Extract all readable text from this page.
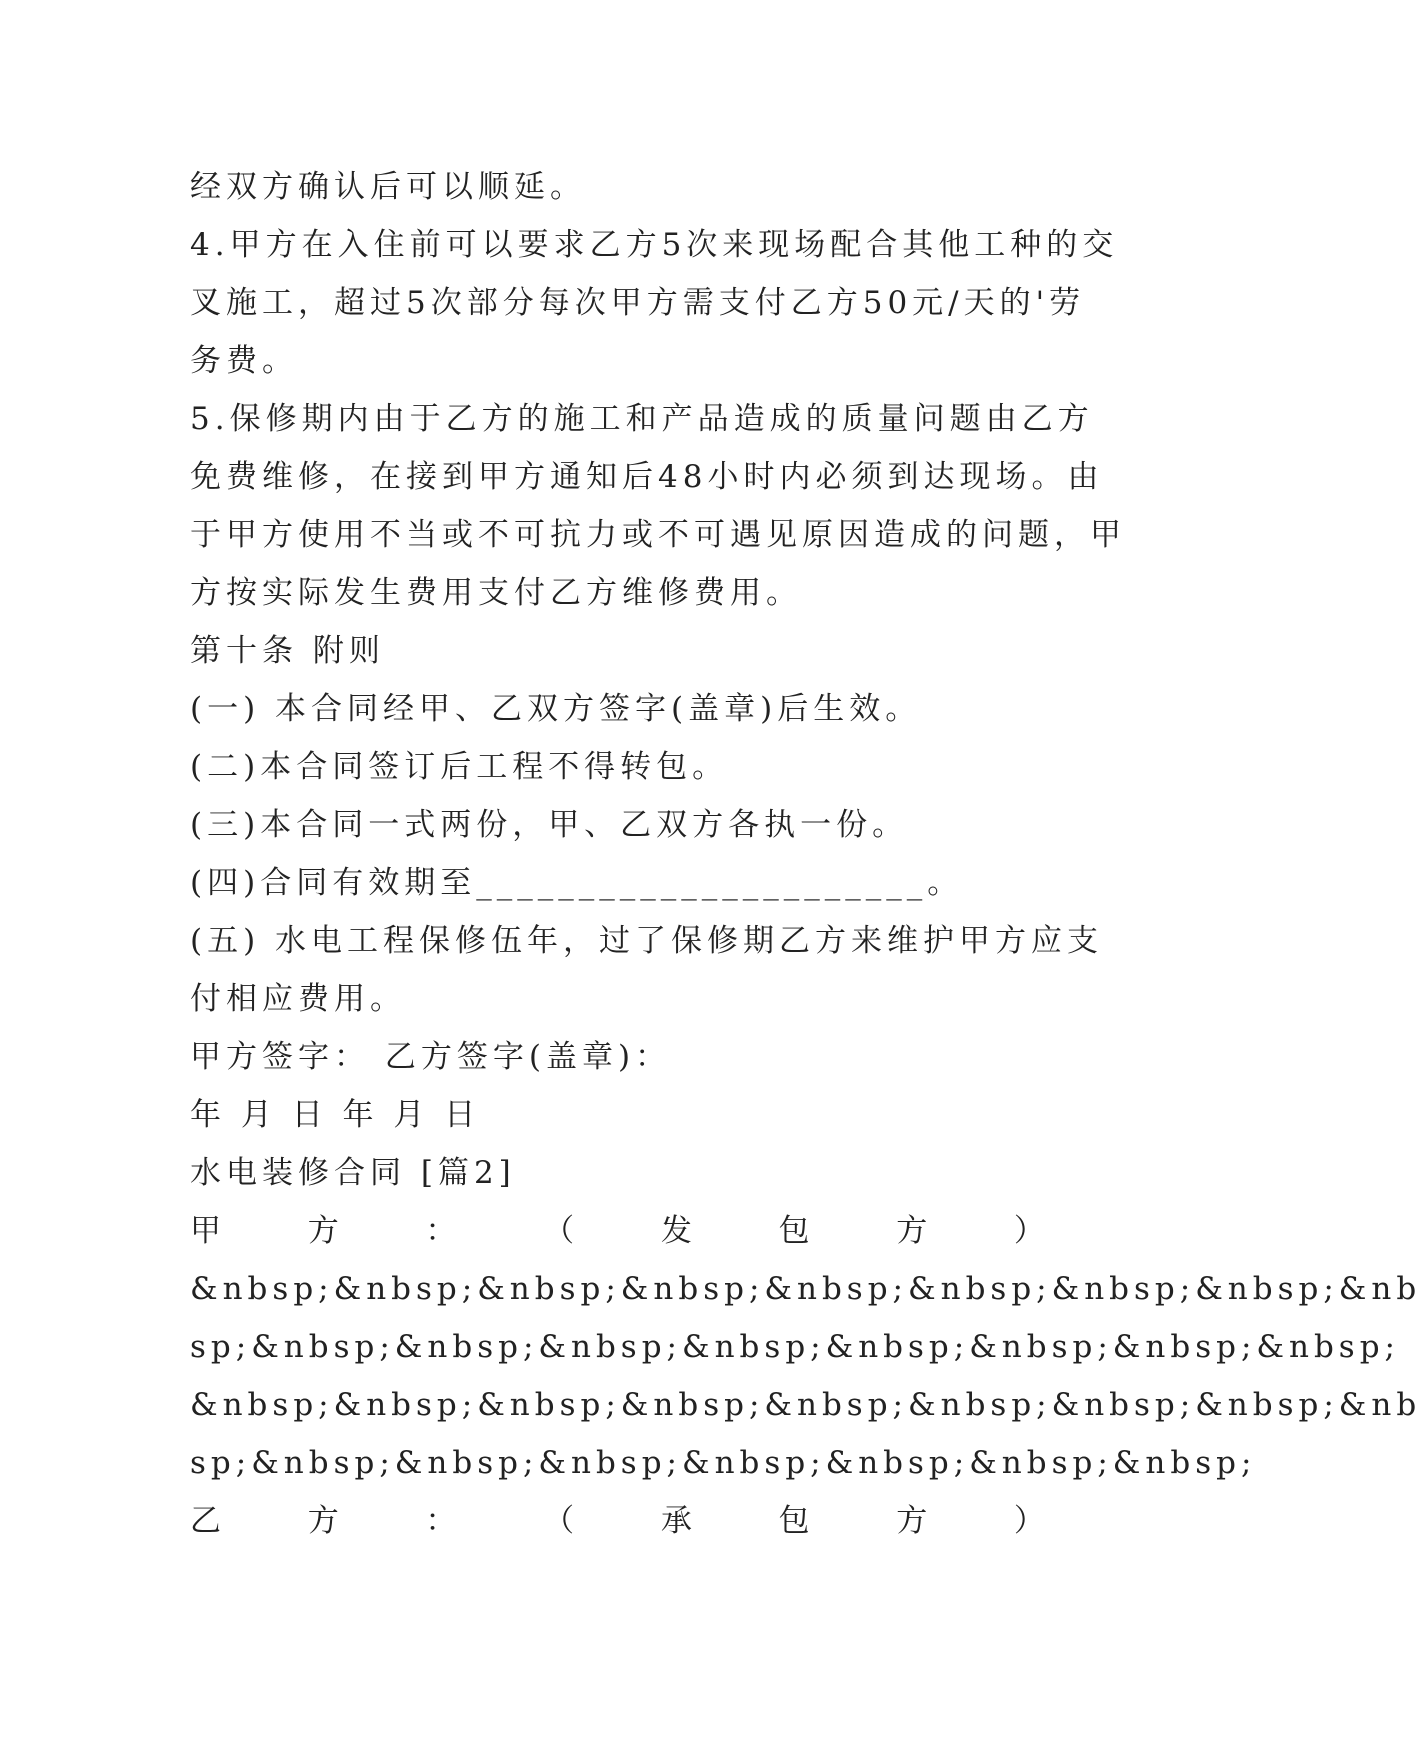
经双方确认后可以顺延。
4.甲方在入住前可以要求乙方5次来现场配合其他工种的交
叉施工，超过5次部分每次甲方需支付乙方50元/天的'劳
务费。
5.保修期内由于乙方的施工和产品造成的质量问题由乙方
免费维修，在接到甲方通知后48小时内必须到达现场。由
于甲方使用不当或不可抗力或不可遇见原因造成的问题，甲
方按实际发生费用支付乙方维修费用。
第十条 附则
(一) 本合同经甲、乙双方签字(盖章)后生效。
(二)本合同签订后工程不得转包。
(三)本合同一式两份，甲、乙双方各执一份。
(四)合同有效期至______________________。
(五) 水电工程保修伍年，过了保修期乙方来维护甲方应支
付相应费用。
甲方签字： 乙方签字(盖章)：
年 月 日 年 月 日
水电装修合同 [篇2]
甲	方	：	（	发	包	方	）
&nbsp;&nbsp;&nbsp;&nbsp;&nbsp;&nbsp;&nbsp;&nbsp;&nb
sp;&nbsp;&nbsp;&nbsp;&nbsp;&nbsp;&nbsp;&nbsp;&nbsp;
&nbsp;&nbsp;&nbsp;&nbsp;&nbsp;&nbsp;&nbsp;&nbsp;&nb
sp;&nbsp;&nbsp;&nbsp;&nbsp;&nbsp;&nbsp;&nbsp;
乙	方	：	（	承	包	方	）
